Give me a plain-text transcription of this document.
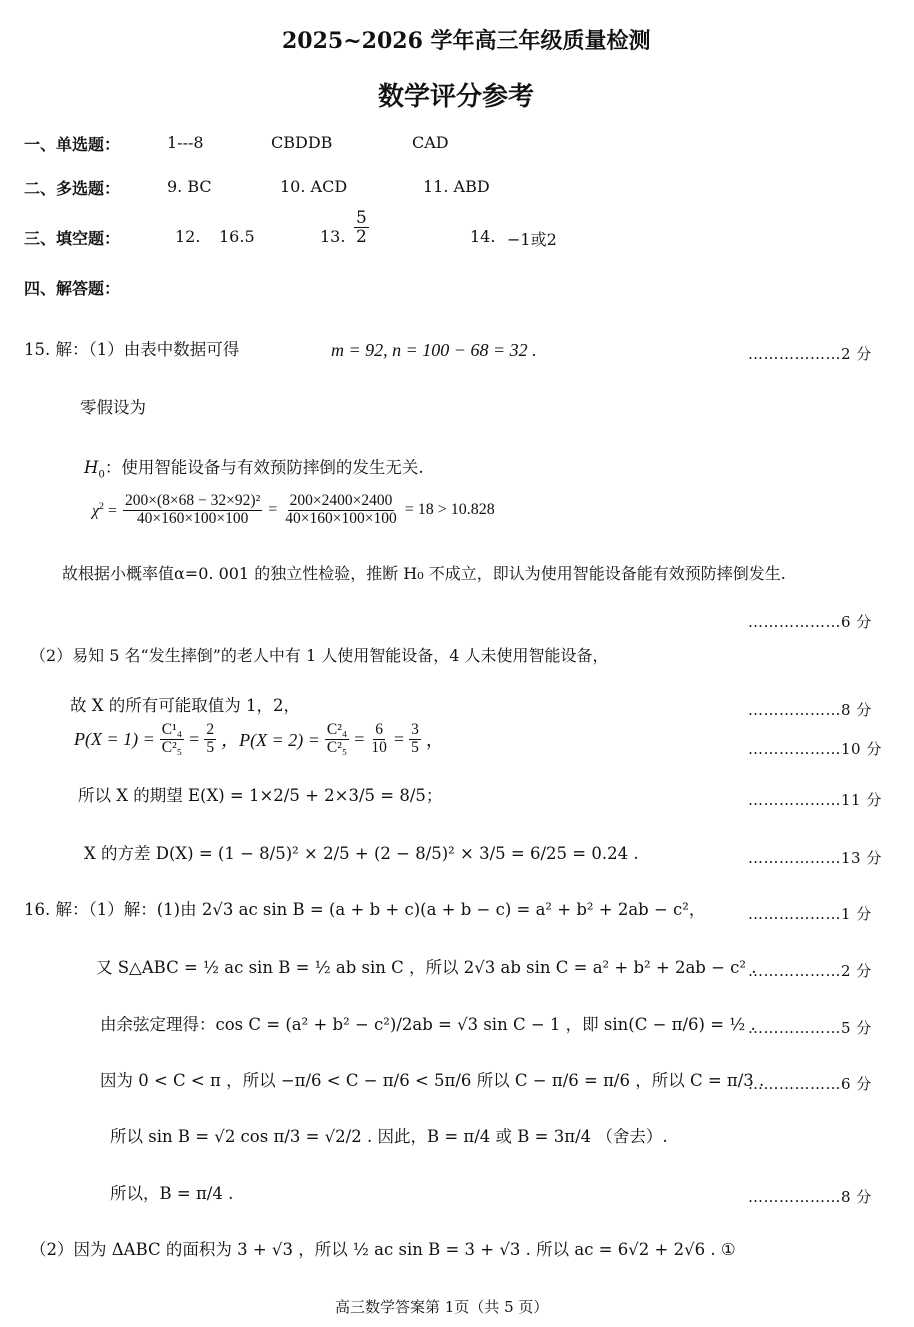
2025~2026 学年高三年级质量检测
数学评分参考
一、单选题：	1---8	CBDDB	CAD
二、多选题：	9. BC	10. ACD	11. ABD
三、填空题：	12. 16.5	13. $\frac{5}{2}$	14. −1或2
四、解答题：
15. 解：（1）由表中数据可得	m = 92, n = 100 − 68 = 32 .	………………2 分
零假设为
$H_0$：使用智能设备与有效预防摔倒的发生无关.
$\chi^2 = \frac{\text{200×(8×68 − 32×92)²}}{40\times 160\times 100\times 100} = \frac{200\times 2400\times 2400}{40\times 160\times 100\times 100} = 18 > 10.828$
故根据小概率值α=0. 001 的独立性检验，推断 H₀ 不成立，即认为使用智能设备能有效预防摔倒发生.
………………6 分
（2）易知 5 名“发生摔倒”的老人中有 1 人使用智能设备，4 人未使用智能设备，
故 X 的所有可能取值为 1，2，	………………8 分
$P(X = 1) = \frac{\text{C¹₄}}{\text{C²₅}} = \frac{2}{5}$ ，$P(X = 2) = \frac{\text{C²₄}}{\text{C²₅}} = \frac{6}{10} = \frac{3}{5}$ ，	………………10 分
所以 X 的期望 E(X) = 1×2/5 + 2×3/5 = 8/5；	………………11 分
X 的方差 D(X) = (1 − 8/5)² × 2/5 + (2 − 8/5)² × 3/5 = 6/25 = 0.24 .	………………13 分
16. 解：（1）解：(1)由 2√3 ac sin B = (a + b + c)(a + b − c) = a² + b² + 2ab − c²，	………………1 分
又 S△ABC = ½ ac sin B = ½ ab sin C ，所以 2√3 ab sin C = a² + b² + 2ab − c² .
………………2 分
由余弦定理得：cos C = (a² + b² − c²)/2ab = √3 sin C − 1 ，即 sin(C − π/6) = ½ .
………………5 分
因为 0 < C < π ，所以 −π/6 < C − π/6 < 5π/6 所以 C − π/6 = π/6 ，所以 C = π/3 .
………………6 分
所以 sin B = √2 cos π/3 = √2/2 . 因此，B = π/4 或 B = 3π/4 （舍去）.
所以，B = π/4 .	………………8 分
（2）因为 ΔABC 的面积为 3 + √3 ，所以 ½ ac sin B = 3 + √3 . 所以 ac = 6√2 + 2√6 . ①
高三数学答案第 1页（共 5 页）
